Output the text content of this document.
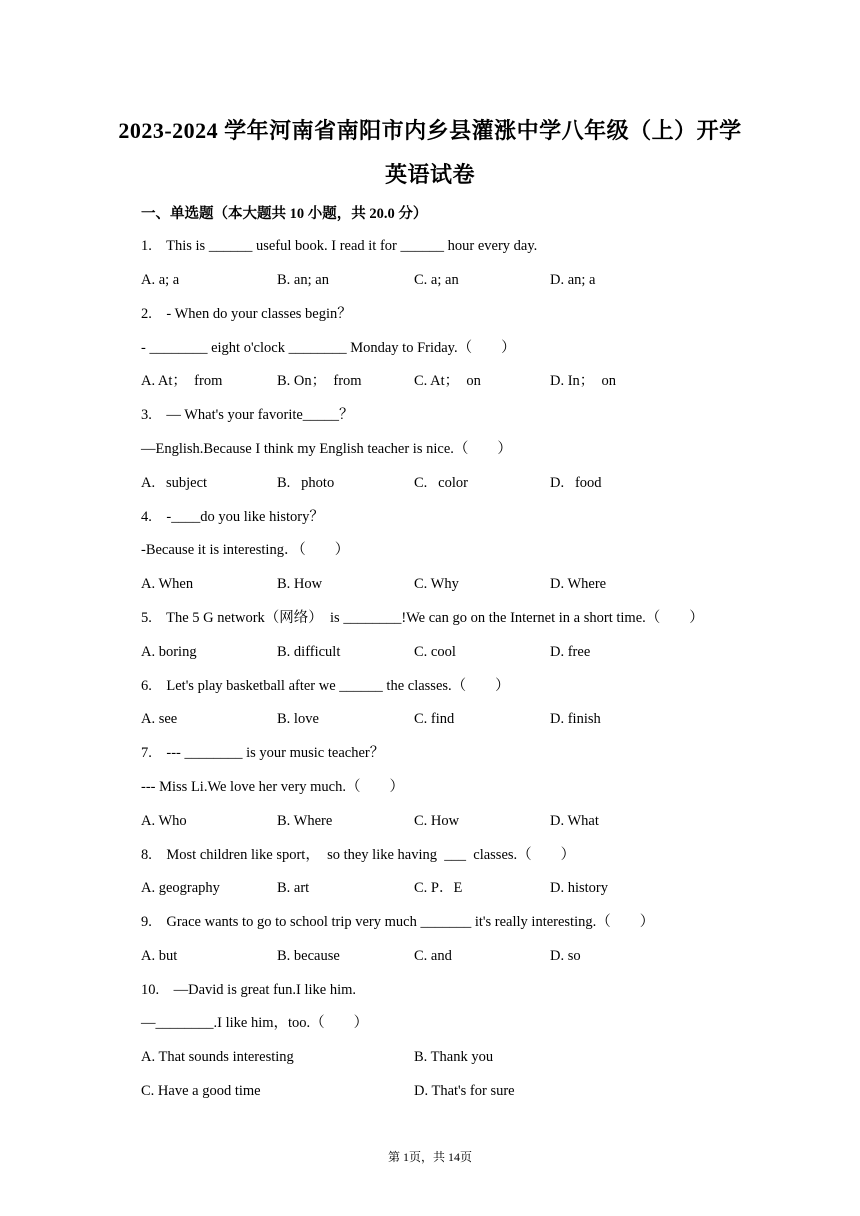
2023-2024 学年河南省南阳市内乡县灌涨中学八年级（上）开学
英语试卷
一、单选题（本大题共 10 小题，共 20.0 分）
1.    This is ______ useful book. I read it for ______ hour every day.
A. a; a	B. an; an	C. a; an	D. an; a
2.    - When do your classes begin？
- ________ eight o'clock ________ Monday to Friday.（　　）
A. At；  from	B. On；  from	C. At；  on	D. In；  on
3.    — What's your favorite_____？
—English.Because I think my English teacher is nice.（　　）
A.   subject	B.   photo	C.   color	D.   food
4.    -____do you like history？
-Because it is interesting．（　　）
A. When	B. How	C. Why	D. Where
5.    The 5 G network（网络）  is ________!We can go on the Internet in a short time.（　　）
A. boring	B. difficult	C. cool	D. free
6.    Let's play basketball after we ______ the classes.（　　）
A. see	B. love	C. find	D. finish
7.    --- ________ is your music teacher？
--- Miss Li.We love her very much.（　　）
A. Who	B. Where	C. How	D. What
8.    Most children like sport，  so they like having  ___  classes.（　　）
A. geography	B. art	C. P．E	D. history
9.    Grace wants to go to school trip very much _______ it's really interesting.（　　）
A. but	B. because	C. and	D. so
10.    —David is great fun.I like him.
—________.I like him，too.（　　）
A. That sounds interesting	B. Thank you
C. Have a good time	D. That's for sure
第 1页，共 14页
